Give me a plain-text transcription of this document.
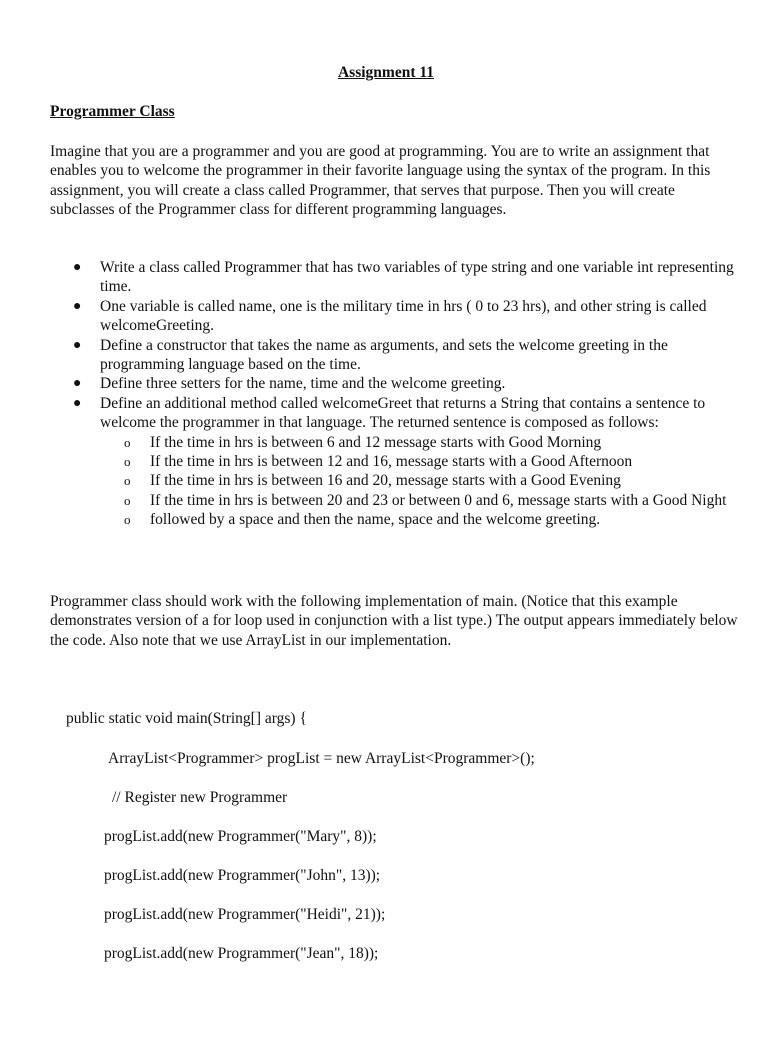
Assignment 11

Programmer Class

Imagine that you are a programmer and you are good at programming. You are to write an assignment that enables you to welcome the programmer in their favorite language using the syntax of the program. In this assignment, you will create a class called Programmer, that serves that purpose. Then you will create subclasses of the Programmer class for different programming languages.

● Write a class called Programmer that has two variables of type string and one variable int representing time.
● One variable is called name, one is the military time in hrs ( 0 to 23 hrs), and other string is called welcomeGreeting.
● Define a constructor that takes the name as arguments, and sets the welcome greeting in the programming language based on the time.
● Define three setters for the name, time and the welcome greeting.
● Define an additional method called welcomeGreet that returns a String that contains a sentence to welcome the programmer in that language. The returned sentence is composed as follows:
o If the time in hrs is between 6 and 12 message starts with Good Morning
o If the time in hrs is between 12 and 16, message starts with a Good Afternoon
o If the time in hrs is between 16 and 20, message starts with a Good Evening
o If the time in hrs is between 20 and 23 or between 0 and 6, message starts with a Good Night
o followed by a space and then the name, space and the welcome greeting.

Programmer class should work with the following implementation of main. (Notice that this example demonstrates version of a for loop used in conjunction with a list type.) The output appears immediately below the code. Also note that we use ArrayList in our implementation.

public static void main(String[] args) {

ArrayList<Programmer> progList = new ArrayList<Programmer>();

// Register new Programmer

progList.add(new Programmer("Mary", 8));

progList.add(new Programmer("John", 13));

progList.add(new Programmer("Heidi", 21));

progList.add(new Programmer("Jean", 18));
